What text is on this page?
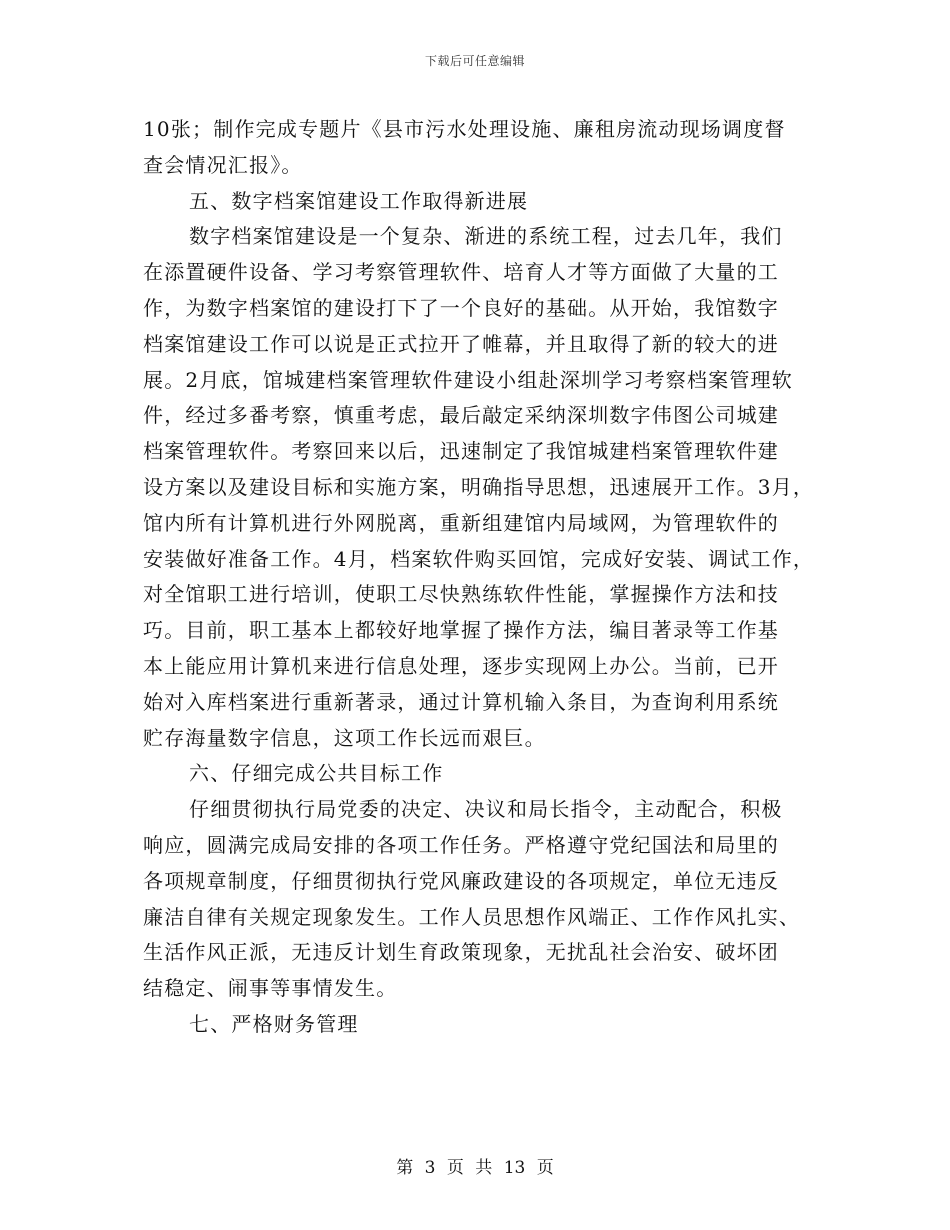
下载后可任意编辑
10张；制作完成专题片《县市污水处理设施、廉租房流动现场调度督
查会情况汇报》。
五、数字档案馆建设工作取得新进展
数字档案馆建设是一个复杂、渐进的系统工程，过去几年，我们
在添置硬件设备、学习考察管理软件、培育人才等方面做了大量的工
作，为数字档案馆的建设打下了一个良好的基础。从开始，我馆数字
档案馆建设工作可以说是正式拉开了帷幕，并且取得了新的较大的进
展。2月底，馆城建档案管理软件建设小组赴深圳学习考察档案管理软
件，经过多番考察，慎重考虑，最后敲定采纳深圳数字伟图公司城建
档案管理软件。考察回来以后，迅速制定了我馆城建档案管理软件建
设方案以及建设目标和实施方案，明确指导思想，迅速展开工作。3月，
馆内所有计算机进行外网脱离，重新组建馆内局域网，为管理软件的
安装做好准备工作。4月，档案软件购买回馆，完成好安装、调试工作，
对全馆职工进行培训，使职工尽快熟练软件性能，掌握操作方法和技
巧。目前，职工基本上都较好地掌握了操作方法，编目著录等工作基
本上能应用计算机来进行信息处理，逐步实现网上办公。当前，已开
始对入库档案进行重新著录，通过计算机输入条目，为查询利用系统
贮存海量数字信息，这项工作长远而艰巨。
六、仔细完成公共目标工作
仔细贯彻执行局党委的决定、决议和局长指令，主动配合，积极
响应，圆满完成局安排的各项工作任务。严格遵守党纪国法和局里的
各项规章制度，仔细贯彻执行党风廉政建设的各项规定，单位无违反
廉洁自律有关规定现象发生。工作人员思想作风端正、工作作风扎实、
生活作风正派，无违反计划生育政策现象，无扰乱社会治安、破坏团
结稳定、闹事等事情发生。
七、严格财务管理
第 3 页 共 13 页
